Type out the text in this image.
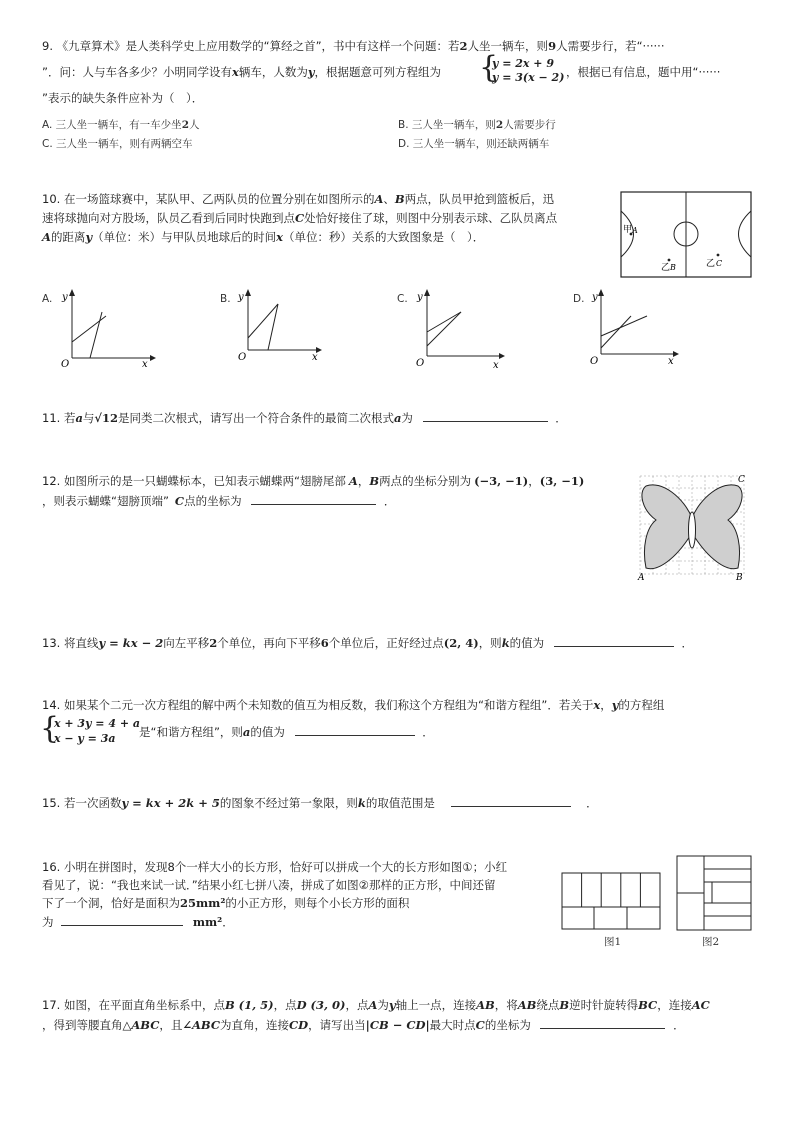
9. 《九章算术》是人类科学史上应用数学的“算经之首”，书中有这样一个问题：若2人坐一辆车，则9人需要步行，若“······
”．问：人与车各多少？小明同学设有x辆车，人数为y，根据题意可列方程组为 {
y = 2x + 9
y = 3(x − 2) ，根据已有信息，题中用“······
”表示的缺失条件应补为（　）．
A. 三人坐一辆车，有一车少坐2人	B. 三人坐一辆车，则2人需要步行
C. 三人坐一辆车，则有两辆空车	D. 三人坐一辆车，则还缺两辆车
10. 在一场篮球赛中，某队甲、乙两队员的位置分别在如图所示的A、B两点，队员甲抢到篮板后，迅
速将球抛向对方股场，队员乙看到后同时快跑到点C处恰好接住了球，则图中分别表示球、乙队员离点
A的距离y（单位：米）与甲队员地球后的时间x（单位：秒）关系的大致图象是（　）．	甲 A
乙 B	乙 C
A. y
O	x
B. y
O	x
C. y
O	x
D. y
O	x
11. 若a与√12是同类二次根式，请写出一个符合条件的最简二次根式a为	．
12. 如图所示的是一只蝴蝶标本，已知表示蝴蝶两“翅膀尾部 A，B两点的坐标分别为 (−3, −1)，(3, −1)
，则表示蝴蝶“翅膀顶端” C点的坐标为	．
A	B
C
13. 将直线y = kx − 2向左平移2个单位，再向下平移6个单位后，正好经过点(2, 4)，则k的值为	．
14. 如果某个二元一次方程组的解中两个未知数的值互为相反数，我们称这个方程组为“和谐方程组”．若关于x，y的方程组
{
x + 3y = 4 + a
x − y = 3a 是“和谐方程组”，则a的值为	．
15. 若一次函数y = kx + 2k + 5的图象不经过第一象限，则k的取值范围是	．
16. 小明在拼图时，发现8个一样大小的长方形，恰好可以拼成一个大的长方形如图①；小红
看见了，说：“我也来试一试．”结果小红七拼八凑，拼成了如图②那样的正方形，中间还留
下了一个洞，恰好是面积为25mm²的小正方形，则每个小长方形的面积
为	mm²．
图1	图2
17. 如图，在平面直角坐标系中，点B (1, 5)，点D (3, 0)，点A为y轴上一点，连接AB，将AB绕点B逆时针旋转得BC，连接AC
，得到等腰直角△ABC，且∠ABC为直角，连接CD，请写出当|CB − CD|最大时点C的坐标为	．
